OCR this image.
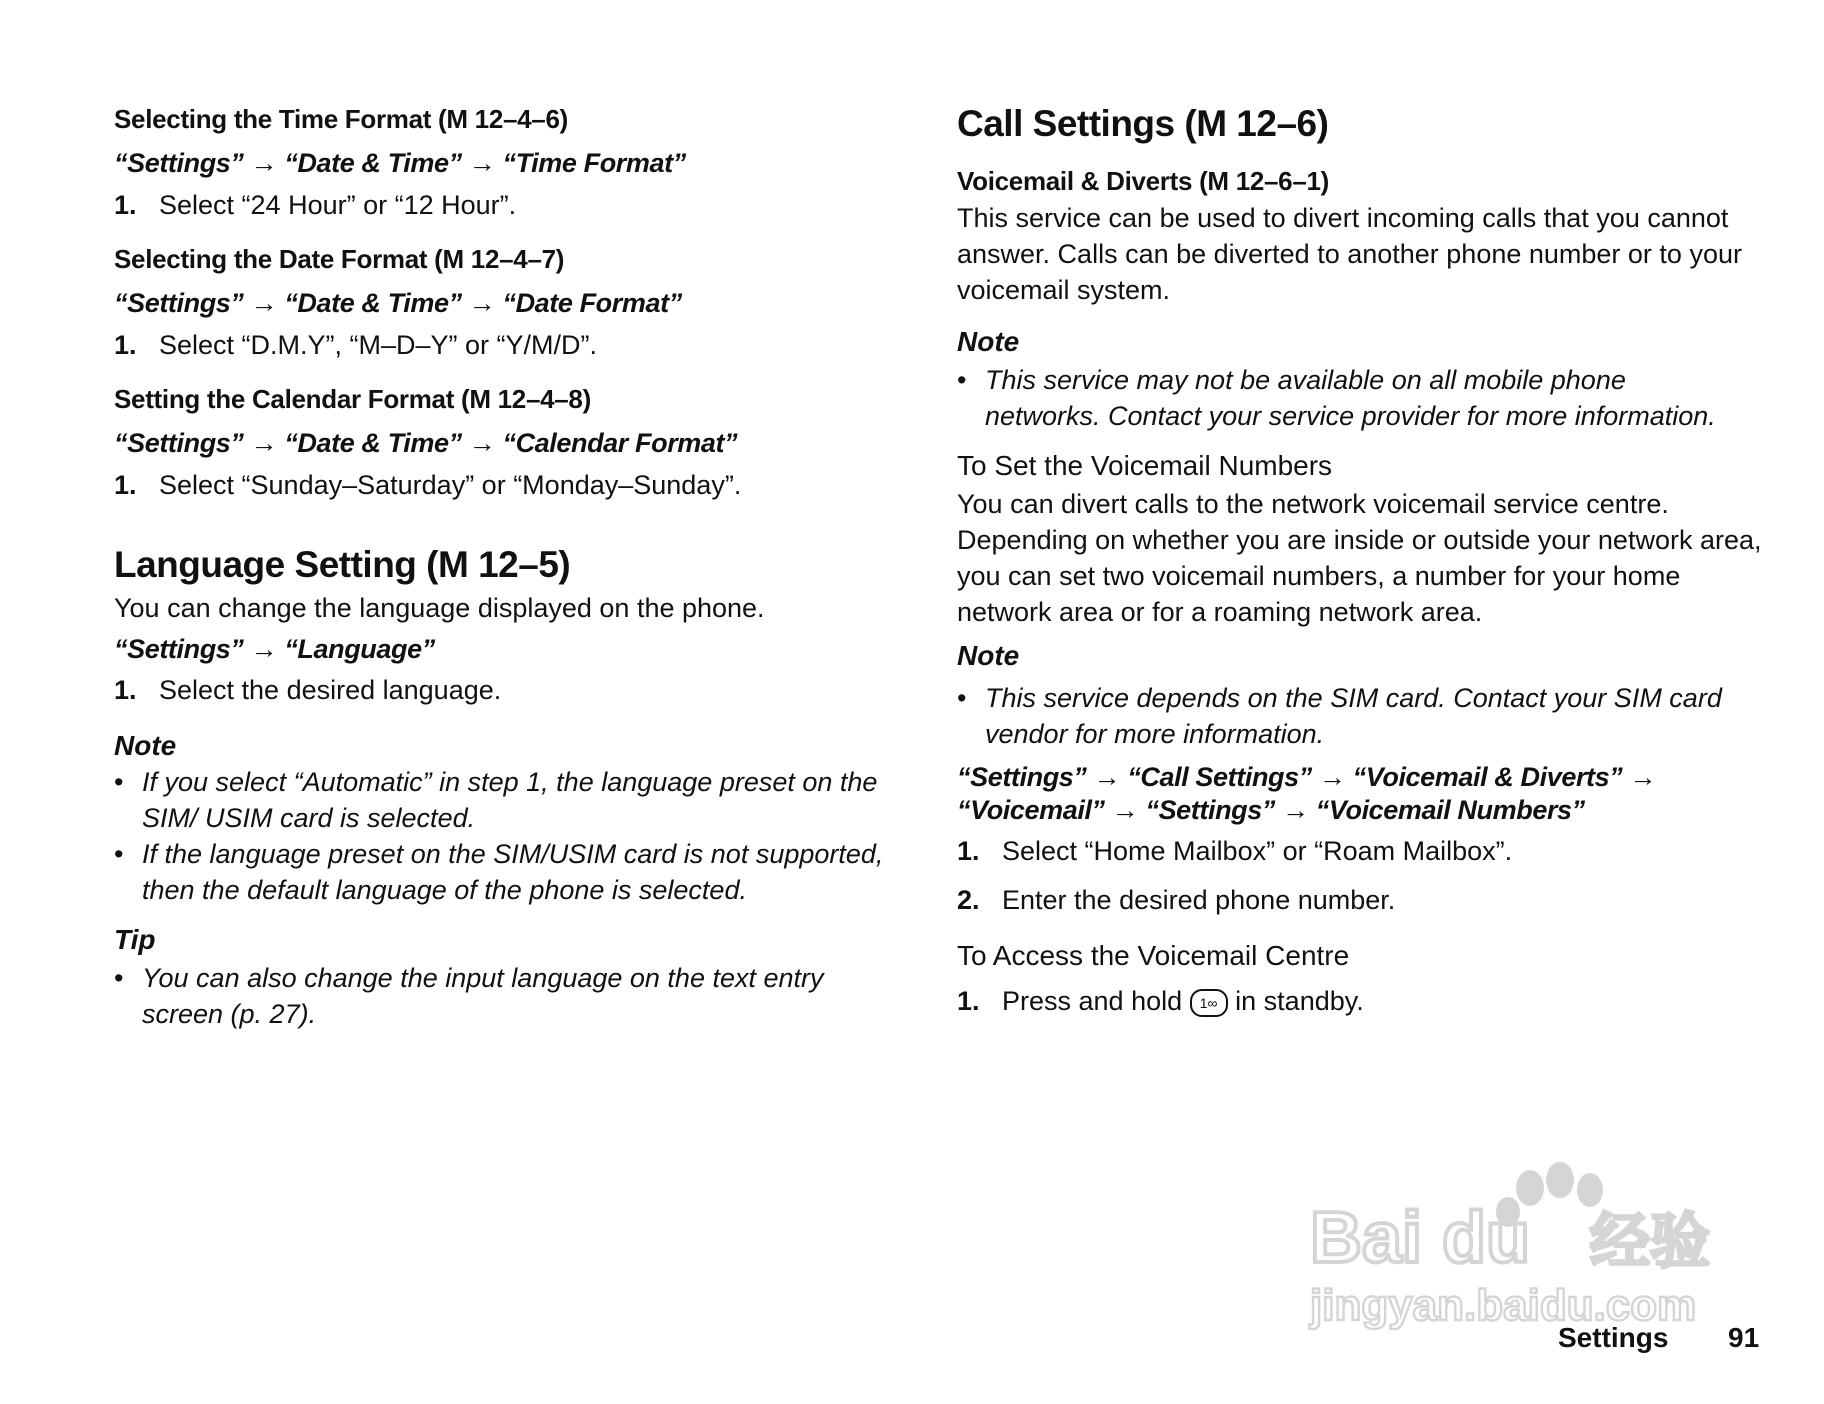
Selecting the Time Format (M 12–4–6)
“Settings” → “Date & Time” → “Time Format”
1. Select “24 Hour” or “12 Hour”.
Selecting the Date Format (M 12–4–7)
“Settings” → “Date & Time” → “Date Format”
1. Select “D.M.Y”, “M–D–Y” or “Y/M/D”.
Setting the Calendar Format (M 12–4–8)
“Settings” → “Date & Time” → “Calendar Format”
1. Select “Sunday–Saturday” or “Monday–Sunday”.
Language Setting (M 12–5)
You can change the language displayed on the phone.
“Settings” → “Language”
1. Select the desired language.
Note
• If you select “Automatic” in step 1, the language preset on the SIM/ USIM card is selected.
• If the language preset on the SIM/USIM card is not supported, then the default language of the phone is selected.
Tip
• You can also change the input language on the text entry screen (p. 27).
Call Settings (M 12–6)
Voicemail & Diverts (M 12–6–1)
This service can be used to divert incoming calls that you cannot answer. Calls can be diverted to another phone number or to your voicemail system.
Note
• This service may not be available on all mobile phone networks. Contact your service provider for more information.
To Set the Voicemail Numbers
You can divert calls to the network voicemail service centre. Depending on whether you are inside or outside your network area, you can set two voicemail numbers, a number for your home network area or for a roaming network area.
Note
• This service depends on the SIM card. Contact your SIM card vendor for more information.
“Settings” → “Call Settings” → “Voicemail & Diverts” →
“Voicemail” → “Settings” → “Voicemail Numbers”
1. Select “Home Mailbox” or “Roam Mailbox”.
2. Enter the desired phone number.
To Access the Voicemail Centre
1. Press and hold 1∞ in standby.
Bai du 经验
jingyan.baidu.com
Settings 91
